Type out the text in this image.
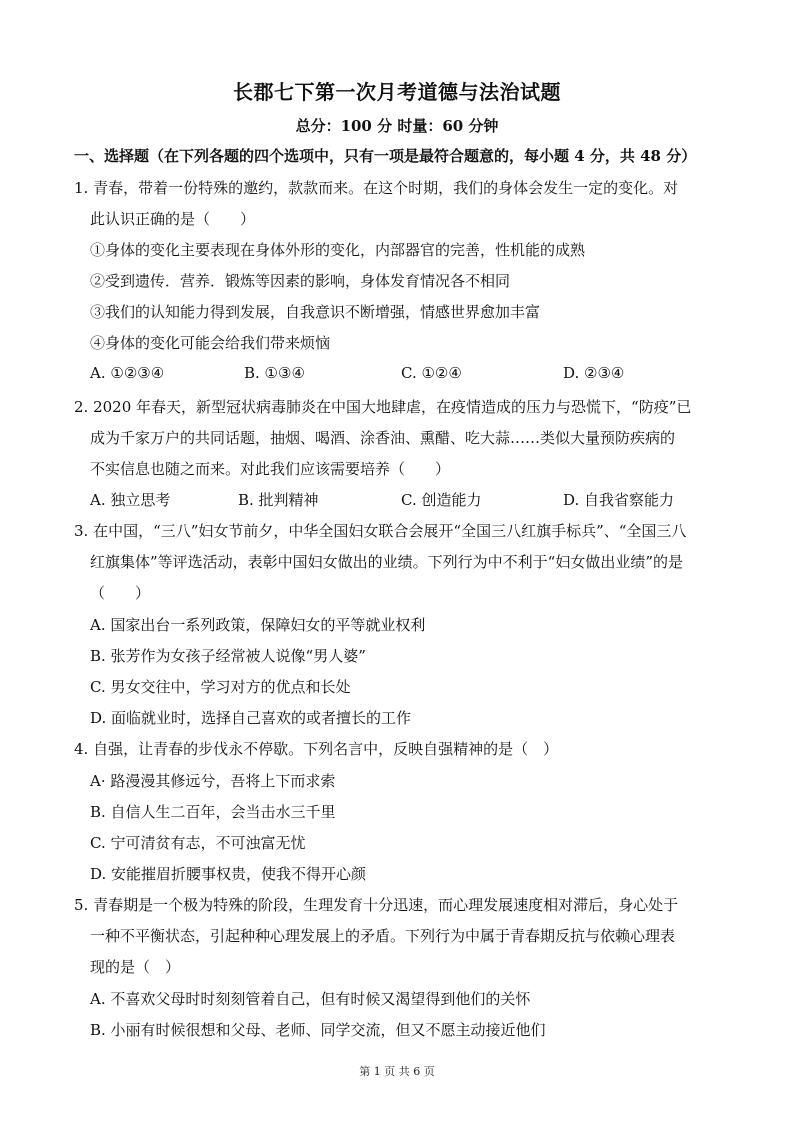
长郡七下第一次月考道德与法治试题
总分：100 分 时量：60 分钟
一、选择题（在下列各题的四个选项中，只有一项是最符合题意的，每小题 4 分，共 48 分）
1. 青春，带着一份特殊的邀约，款款而来。在这个时期，我们的身体会发生一定的变化。对
此认识正确的是（　　）
①身体的变化主要表现在身体外形的变化，内部器官的完善，性机能的成熟
②受到遗传．营养．锻炼等因素的影响，身体发育情况各不相同
③我们的认知能力得到发展，自我意识不断增强，情感世界愈加丰富
④身体的变化可能会给我们带来烦恼
A. ①②③④	B. ①③④	C. ①②④	D. ②③④
2. 2020 年春天，新型冠状病毒肺炎在中国大地肆虐，在疫情造成的压力与恐慌下，“防疫”已
成为千家万户的共同话题，抽烟、喝酒、涂香油、熏醋、吃大蒜……类似大量预防疾病的
不实信息也随之而来。对此我们应该需要培养（　　）
A. 独立思考	B. 批判精神	C. 创造能力	D. 自我省察能力
3. 在中国，“三八”妇女节前夕，中华全国妇女联合会展开“全国三八红旗手标兵”、“全国三八
红旗集体”等评选活动，表彰中国妇女做出的业绩。下列行为中不利于“妇女做出业绩”的是
（　　）
A. 国家出台一系列政策，保障妇女的平等就业权利
B. 张芳作为女孩子经常被人说像“男人婆”
C. 男女交往中，学习对方的优点和长处
D. 面临就业时，选择自己喜欢的或者擅长的工作
4. 自强，让青春的步伐永不停歇。下列名言中，反映自强精神的是（　）
A· 路漫漫其修远兮，吾将上下而求索
B. 自信人生二百年，会当击水三千里
C. 宁可清贫有志，不可浊富无忧
D. 安能摧眉折腰事权贵，使我不得开心颜
5. 青春期是一个极为特殊的阶段，生理发育十分迅速，而心理发展速度相对滞后，身心处于
一种不平衡状态，引起种种心理发展上的矛盾。下列行为中属于青春期反抗与依赖心理表
现的是（　）
A. 不喜欢父母时时刻刻管着自己，但有时候又渴望得到他们的关怀
B. 小丽有时候很想和父母、老师、同学交流，但又不愿主动接近他们
第 1 页 共 6 页
